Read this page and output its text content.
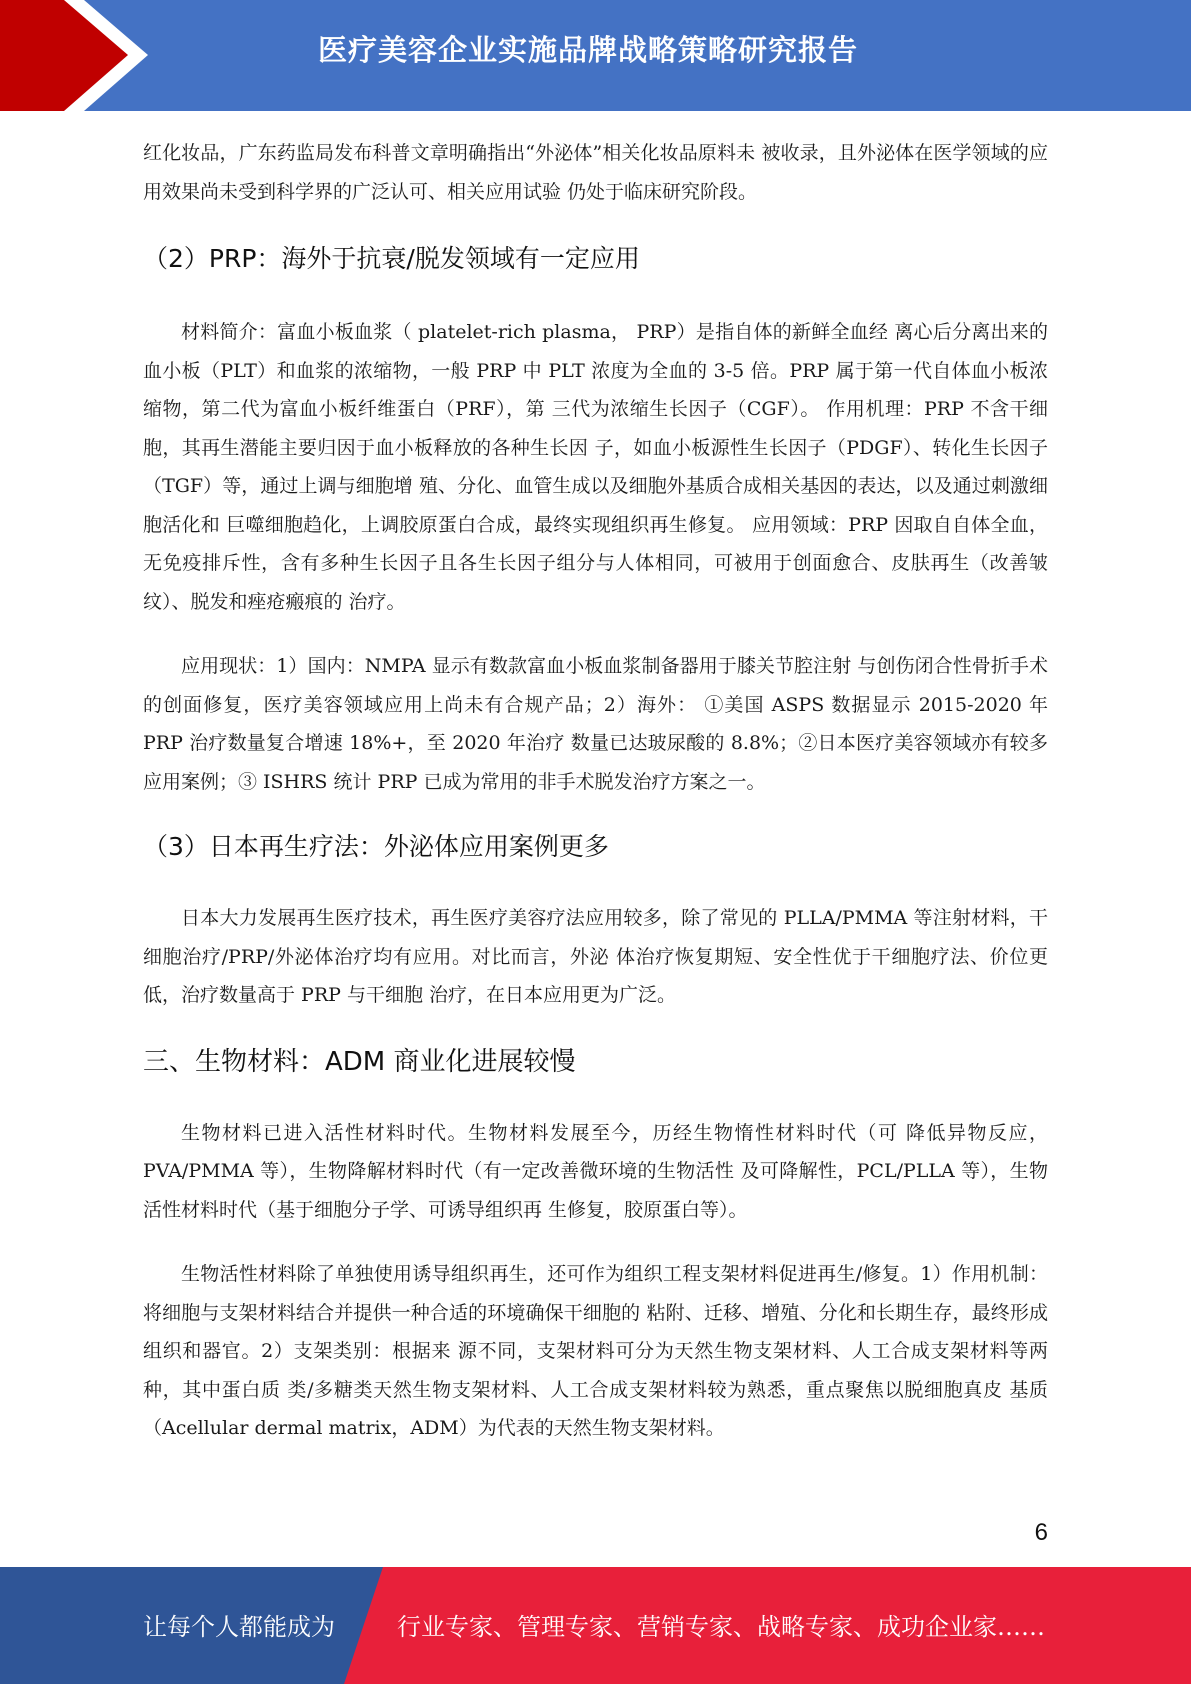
医疗美容企业实施品牌战略策略研究报告

红化妆品，广东药监局发布科普文章明确指出“外泌体”相关化妆品原料未 被收录，且外泌体在医学领域的应用效果尚未受到科学界的广泛认可、相关应用试验 仍处于临床研究阶段。

（2）PRP：海外于抗衰/脱发领域有一定应用

材料简介：富血小板血浆（ platelet-rich plasma， PRP）是指自体的新鲜全血经 离心后分离出来的血小板（PLT）和血浆的浓缩物，一般 PRP 中 PLT 浓度为全血的 3-5 倍。PRP 属于第一代自体血小板浓缩物，第二代为富血小板纤维蛋白（PRF），第 三代为浓缩生长因子（CGF）。 作用机理：PRP 不含干细胞，其再生潜能主要归因于血小板释放的各种生长因 子，如血小板源性生长因子（PDGF）、转化生长因子（TGF）等，通过上调与细胞增 殖、分化、血管生成以及细胞外基质合成相关基因的表达，以及通过刺激细胞活化和 巨噬细胞趋化，上调胶原蛋白合成，最终实现组织再生修复。 应用领域：PRP 因取自自体全血，无免疫排斥性，含有多种生长因子且各生长因子组分与人体相同，可被用于创面愈合、皮肤再生（改善皱纹）、脱发和痤疮瘢痕的 治疗。

应用现状：1）国内：NMPA 显示有数款富血小板血浆制备器用于膝关节腔注射 与创伤闭合性骨折手术的创面修复，医疗美容领域应用上尚未有合规产品；2）海外： ①美国 ASPS 数据显示 2015-2020 年 PRP 治疗数量复合增速 18%+，至 2020 年治疗 数量已达玻尿酸的 8.8%；②日本医疗美容领域亦有较多应用案例；③ ISHRS 统计 PRP 已成为常用的非手术脱发治疗方案之一。

（3）日本再生疗法：外泌体应用案例更多

日本大力发展再生医疗技术，再生医疗美容疗法应用较多，除了常见的 PLLA/PMMA 等注射材料，干细胞治疗/PRP/外泌体治疗均有应用。对比而言，外泌 体治疗恢复期短、安全性优于干细胞疗法、价位更低，治疗数量高于 PRP 与干细胞 治疗，在日本应用更为广泛。

三、生物材料：ADM 商业化进展较慢

生物材料已进入活性材料时代。生物材料发展至今，历经生物惰性材料时代（可 降低异物反应，PVA/PMMA 等），生物降解材料时代（有一定改善微环境的生物活性 及可降解性，PCL/PLLA 等），生物活性材料时代（基于细胞分子学、可诱导组织再 生修复，胶原蛋白等）。

生物活性材料除了单独使用诱导组织再生，还可作为组织工程支架材料促进再生/修复。1）作用机制：将细胞与支架材料结合并提供一种合适的环境确保干细胞的 粘附、迁移、增殖、分化和长期生存，最终形成组织和器官。2）支架类别：根据来 源不同，支架材料可分为天然生物支架材料、人工合成支架材料等两种，其中蛋白质 类/多糖类天然生物支架材料、人工合成支架材料较为熟悉，重点聚焦以脱细胞真皮 基质（Acellular dermal matrix，ADM）为代表的天然生物支架材料。

6
让每个人都能成为	行业专家、管理专家、营销专家、战略专家、成功企业家……
